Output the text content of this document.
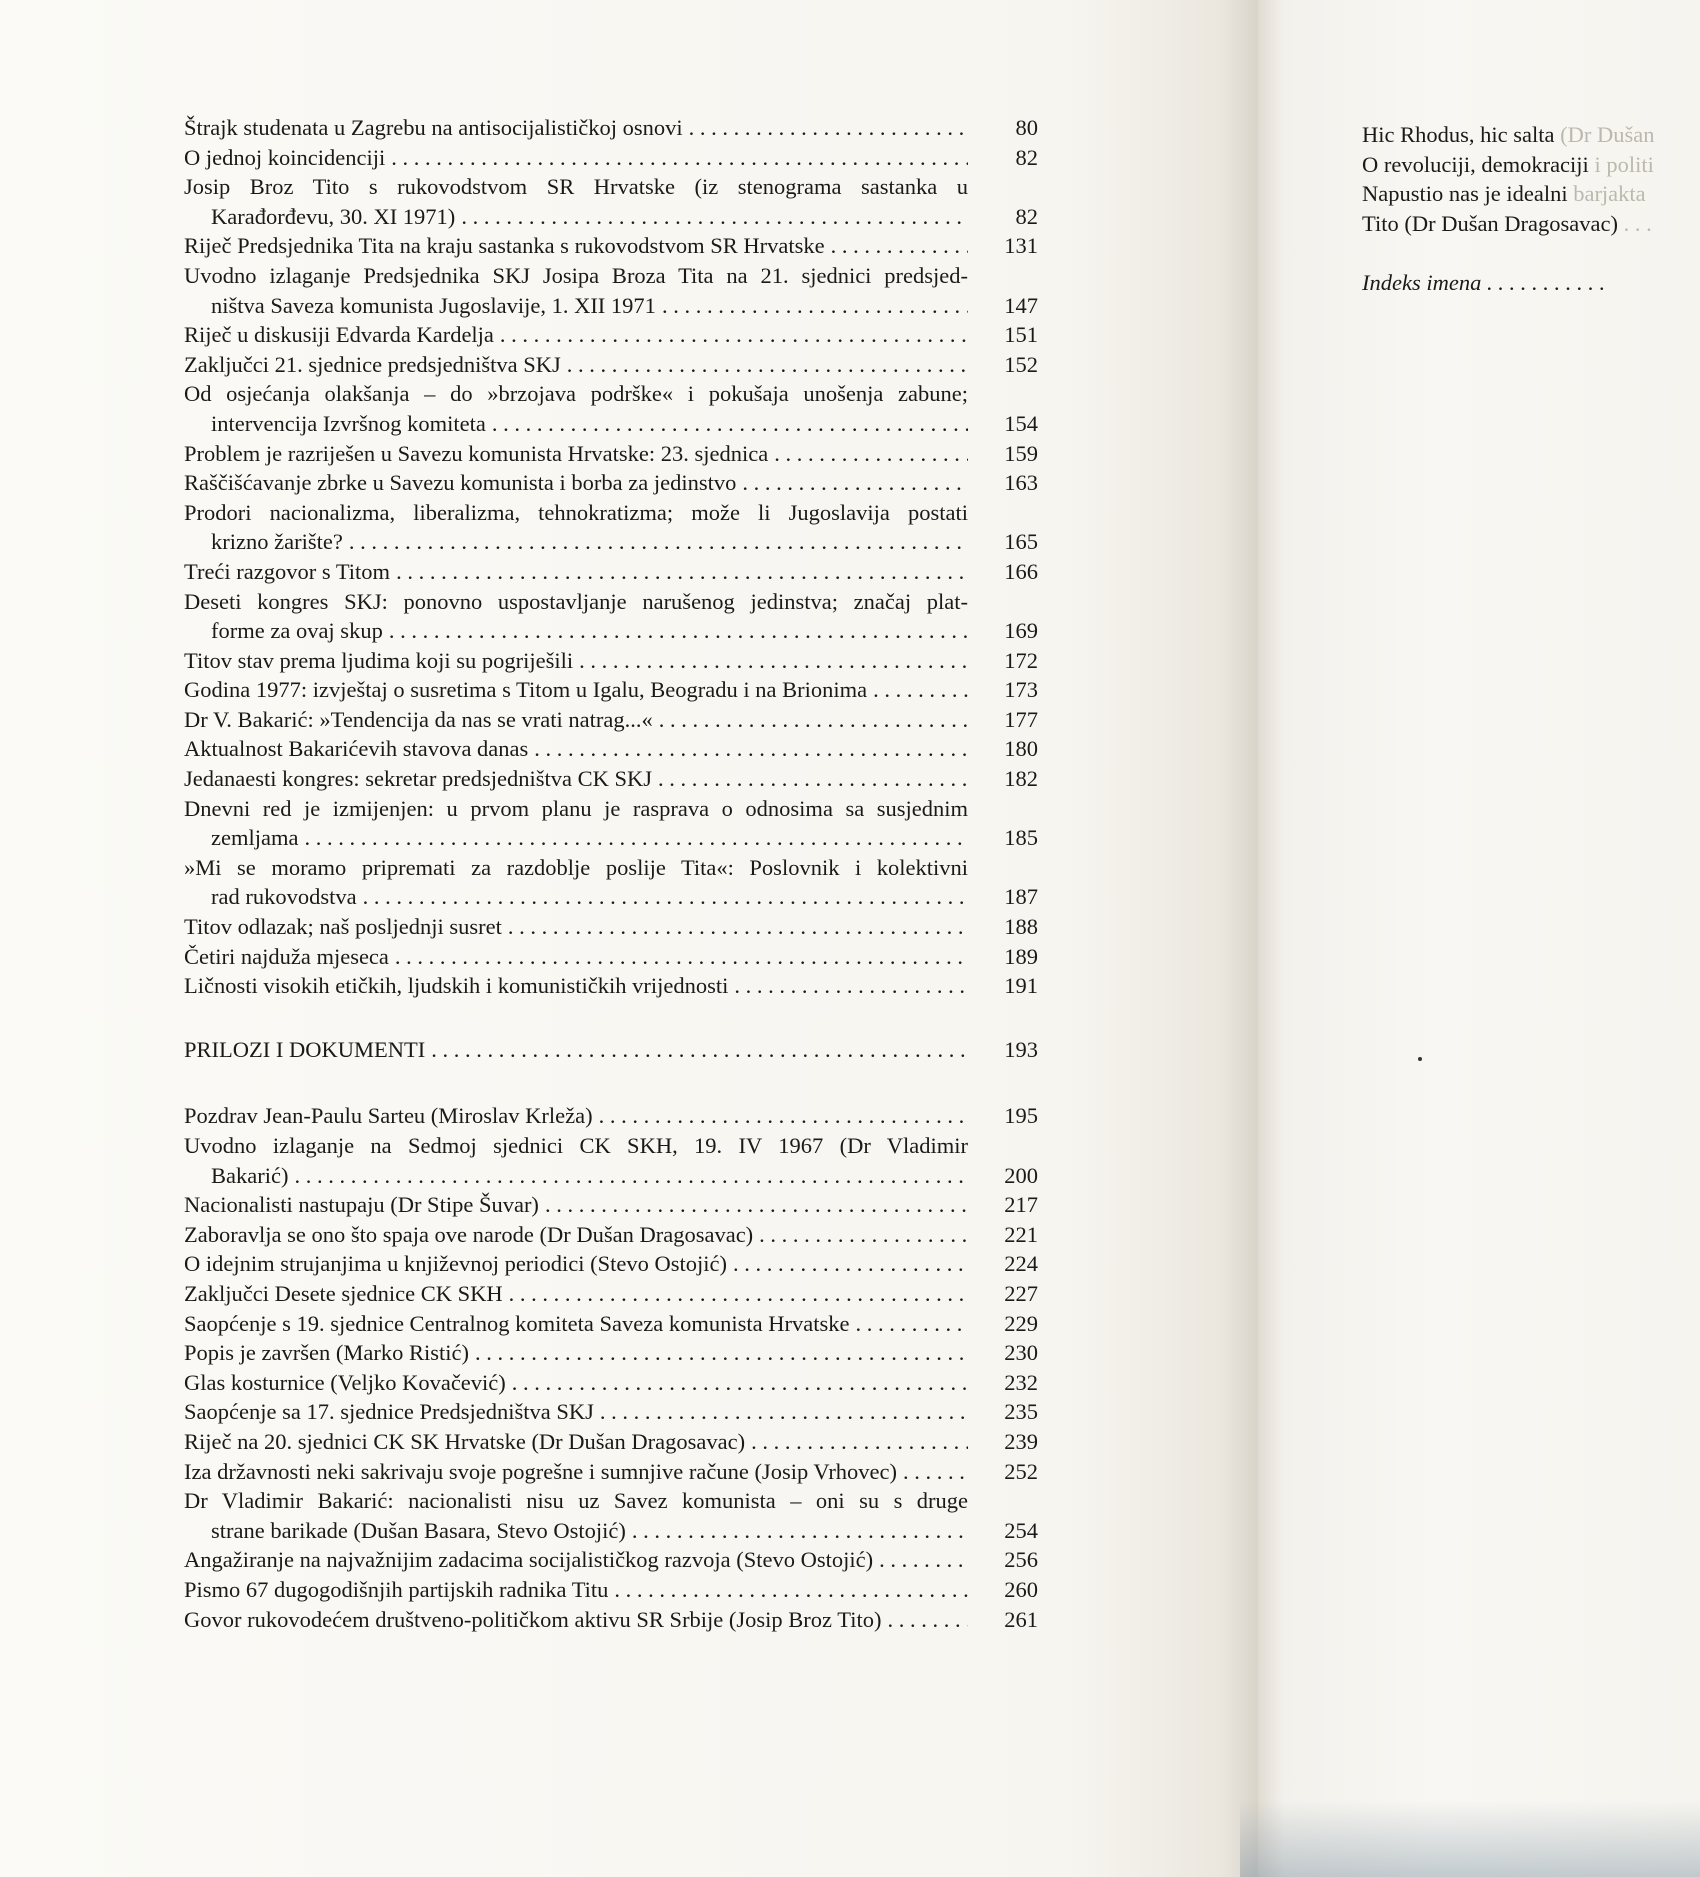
Štrajk studenata u Zagrebu na antisocijalističkoj osnovi . . .	80
O jednoj koincidenciji . . .	82
Josip Broz Tito s rukovodstvom SR Hrvatske (iz stenograma sastanka u
Karađorđevu, 30. XI 1971) . . .	82
Riječ Predsjednika Tita na kraju sastanka s rukovodstvom SR Hrvatske . . .	131
Uvodno izlaganje Predsjednika SKJ Josipa Broza Tita na 21. sjednici predsjed-
ništva Saveza komunista Jugoslavije, 1. XII 1971 . . .	147
Riječ u diskusiji Edvarda Kardelja . . .	151
Zaključci 21. sjednice predsjedništva SKJ . . .	152
Od osjećanja olakšanja – do »brzojava podrške« i pokušaja unošenja zabune;
intervencija Izvršnog komiteta . . .	154
Problem je razriješen u Savezu komunista Hrvatske: 23. sjednica . . .	159
Raščišćavanje zbrke u Savezu komunista i borba za jedinstvo . . .	163
Prodori nacionalizma, liberalizma, tehnokratizma; može li Jugoslavija postati
krizno žarište? . . .	165
Treći razgovor s Titom . . .	166
Deseti kongres SKJ: ponovno uspostavljanje narušenog jedinstva; značaj plat-
forme za ovaj skup . . .	169
Titov stav prema ljudima koji su pogriješili . . .	172
Godina 1977: izvještaj o susretima s Titom u Igalu, Beogradu i na Brionima . . .	173
Dr V. Bakarić: »Tendencija da nas se vrati natrag...« . . .	177
Aktualnost Bakarićevih stavova danas . . .	180
Jedanaesti kongres: sekretar predsjedništva CK SKJ . . .	182
Dnevni red je izmijenjen: u prvom planu je rasprava o odnosima sa susjednim
zemljama . . .	185
»Mi se moramo pripremati za razdoblje poslije Tita«: Poslovnik i kolektivni
rad rukovodstva . . .	187
Titov odlazak; naš posljednji susret . . .	188
Četiri najduža mjeseca . . .	189
Ličnosti visokih etičkih, ljudskih i komunističkih vrijednosti . . .	191
PRILOZI I DOKUMENTI . . .	193
Pozdrav Jean-Paulu Sarteu (Miroslav Krleža) . . .	195
Uvodno izlaganje na Sedmoj sjednici CK SKH, 19. IV 1967 (Dr Vladimir
Bakarić) . . .	200
Nacionalisti nastupaju (Dr Stipe Šuvar) . . .	217
Zaboravlja se ono što spaja ove narode (Dr Dušan Dragosavac) . . .	221
O idejnim strujanjima u književnoj periodici (Stevo Ostojić) . . .	224
Zaključci Desete sjednice CK SKH . . .	227
Saopćenje s 19. sjednice Centralnog komiteta Saveza komunista Hrvatske . . .	229
Popis je završen (Marko Ristić) . . .	230
Glas kosturnice (Veljko Kovačević) . . .	232
Saopćenje sa 17. sjednice Predsjedništva SKJ . . .	235
Riječ na 20. sjednici CK SK Hrvatske (Dr Dušan Dragosavac) . . .	239
Iza državnosti neki sakrivaju svoje pogrešne i sumnjive račune (Josip Vrhovec) . . .	252
Dr Vladimir Bakarić: nacionalisti nisu uz Savez komunista – oni su s druge
strane barikade (Dušan Basara, Stevo Ostojić) . . .	254
Angažiranje na najvažnijim zadacima socijalističkog razvoja (Stevo Ostojić) . . .	256
Pismo 67 dugogodišnjih partijskih radnika Titu . . .	260
Govor rukovodećem društveno-političkom aktivu SR Srbije (Josip Broz Tito) . . .	261
Hic Rhodus, hic salta (Dr Dušan
O revoluciji, demokraciji i politi
Napustio nas je idealni barjakta
Tito (Dr Dušan Dragosavac) . . .
Indeks imena . . . . . . . . . . .
